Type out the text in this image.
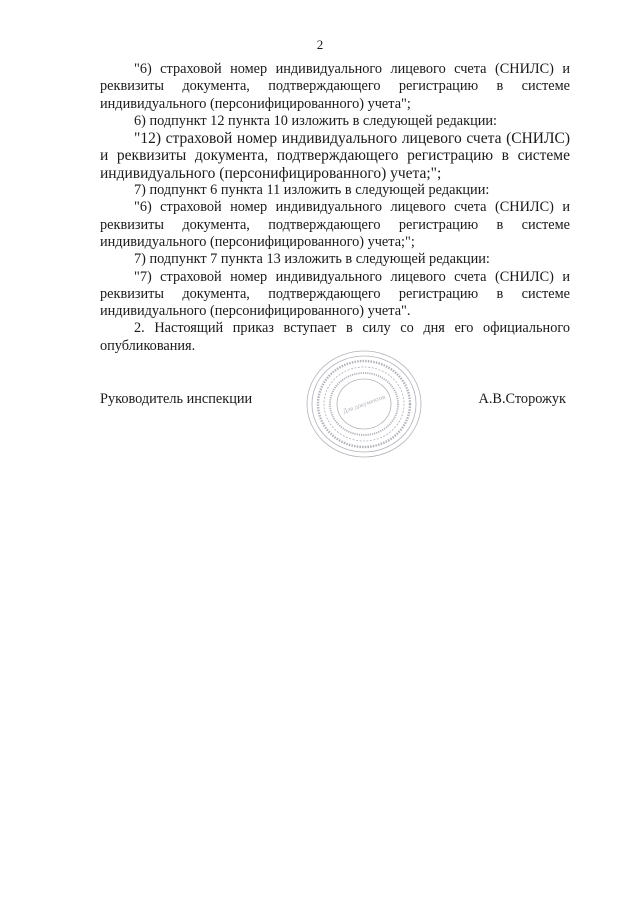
2

"6) страховой номер индивидуального лицевого счета (СНИЛС) и реквизиты документа, подтверждающего регистрацию в системе индивидуального (персонифицированного) учета";

6) подпункт 12 пункта 10 изложить в следующей редакции:

"12) страховой номер индивидуального лицевого счета (СНИЛС) и реквизиты документа, подтверждающего регистрацию в системе индивидуального (персонифицированного) учета;";

7) подпункт 6 пункта 11 изложить в следующей редакции:

"6) страховой номер индивидуального лицевого счета (СНИЛС) и реквизиты документа, подтверждающего регистрацию в системе индивидуального (персонифицированного) учета;";

7) подпункт 7 пункта 13 изложить в следующей редакции:

"7) страховой номер индивидуального лицевого счета (СНИЛС) и реквизиты документа, подтверждающего регистрацию в системе индивидуального (персонифицированного) учета".

2. Настоящий приказ вступает в силу со дня его официального опубликования.

Руководитель инспекции	А.В.Сторожук
Для документов
